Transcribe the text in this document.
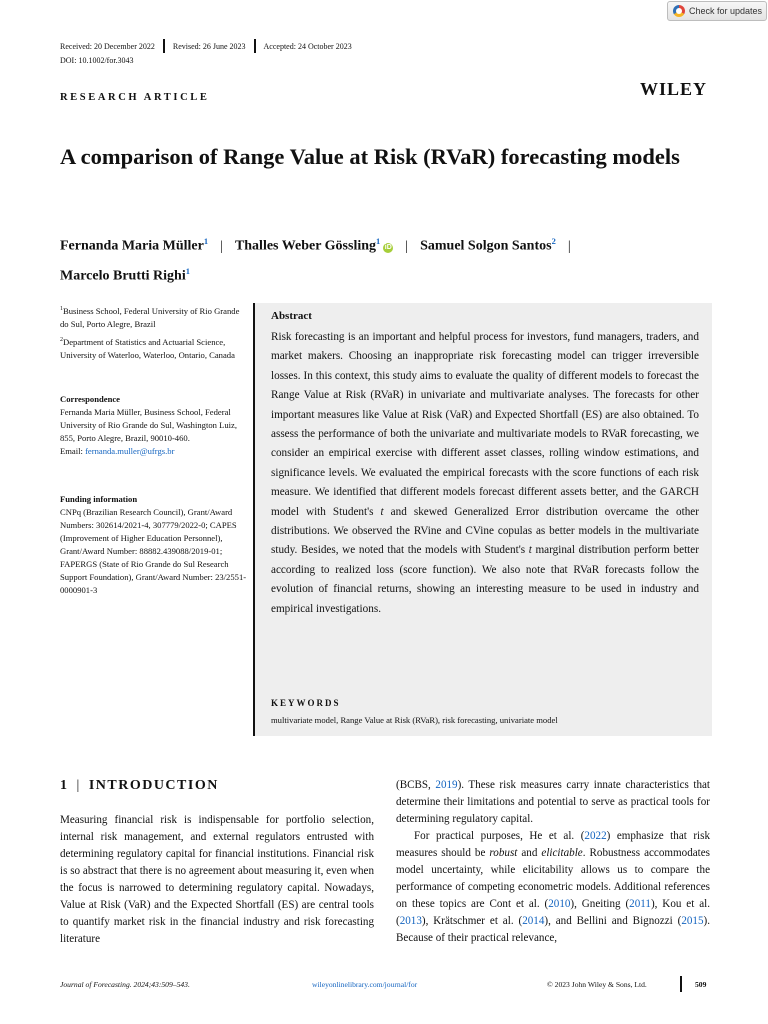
Check for updates
Received: 20 December 2022 Revised: 26 June 2023 Accepted: 24 October 2023
DOI: 10.1002/for.3043
RESEARCH ARTICLE	WILEY
A comparison of Range Value at Risk (RVaR) forecasting models
Fernanda Maria Müller$^1$ | Thalles Weber Gössling$^1$iD | Samuel Solgon Santos$^2$ |
Marcelo Brutti Righi$^1$
$^1$Business School, Federal University of Rio Grande do Sul, Porto Alegre, Brazil
$^2$Department of Statistics and Actuarial Science, University of Waterloo, Waterloo, Ontario, Canada
Correspondence
Fernanda Maria Müller, Business School, Federal University of Rio Grande do Sul, Washington Luiz, 855, Porto Alegre, Brazil, 90010-460.
Email: fernanda.muller@ufrgs.br
Funding information
CNPq (Brazilian Research Council), Grant/Award Numbers: 302614/2021-4, 307779/2022-0; CAPES (Improvement of Higher Education Personnel), Grant/Award Number: 88882.439088/2019-01; FAPERGS (State of Rio Grande do Sul Research Support Foundation), Grant/Award Number: 23/2551-0000901-3
Abstract
Risk forecasting is an important and helpful process for investors, fund managers, traders, and market makers. Choosing an inappropriate risk forecasting model can trigger irreversible losses. In this context, this study aims to evaluate the quality of different models to forecast the Range Value at Risk (RVaR) in univariate and multivariate analyses. The forecasts for other important measures like Value at Risk (VaR) and Expected Shortfall (ES) are also obtained. To assess the performance of both the univariate and multivariate models to RVaR forecasting, we consider an empirical exercise with different asset classes, rolling window estimations, and significance levels. We evaluated the empirical forecasts with the score functions of each risk measure. We identified that different models forecast different assets better, and the GARCH model with Student's t and skewed Generalized Error distribution overcame the other distributions. We observed the RVine and CVine copulas as better models in the multivariate study. Besides, we noted that the models with Student's t marginal distribution perform better according to realized loss (score function). We also note that RVaR forecasts follow the evolution of financial returns, showing an interesting measure to be used in industry and empirical investigations.
KEYWORDS
multivariate model, Range Value at Risk (RVaR), risk forecasting, univariate model
1 | INTRODUCTION
Measuring financial risk is indispensable for portfolio selection, internal risk management, and external regulators entrusted with determining regulatory capital for financial institutions. Financial risk is so abstract that there is no agreement about measuring it, even when the focus is narrowed to determining regulatory capital. Nowadays, Value at Risk (VaR) and the Expected Shortfall (ES) are central tools to quantify market risk in the financial industry and risk forecasting literature
(BCBS, 2019). These risk measures carry innate characteristics that determine their limitations and potential to serve as practical tools for determining regulatory capital.
For practical purposes, He et al. (2022) emphasize that risk measures should be robust and elicitable. Robustness accommodates model uncertainty, while elicitability allows us to compare the performance of competing econometric models. Additional references on these topics are Cont et al. (2010), Gneiting (2011), Kou et al. (2013), Krätschmer et al. (2014), and Bellini and Bignozzi (2015). Because of their practical relevance,
Journal of Forecasting. 2024;43:509–543.	wileyonlinelibrary.com/journal/for	© 2023 John Wiley & Sons, Ltd.	509
